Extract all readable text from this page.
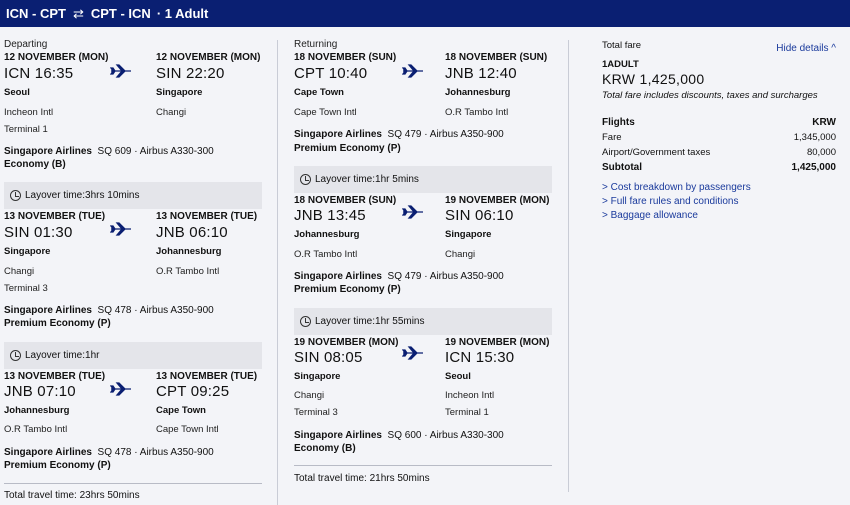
ICN - CPT ⇄ CPT - ICN · 1 Adult
Departing
12 NOVEMBER (MON)
ICN 16:35
12 NOVEMBER (MON)
SIN 22:20
Seoul	Singapore
Incheon Intl	Changi
Terminal 1
Singapore Airlines SQ 609 · Airbus A330-300
Economy (B)
Layover time:3hrs 10mins
13 NOVEMBER (TUE)
SIN 01:30
13 NOVEMBER (TUE)
JNB 06:10
Singapore	Johannesburg
Changi	O.R Tambo Intl
Terminal 3
Singapore Airlines SQ 478 · Airbus A350-900
Premium Economy (P)
Layover time:1hr
13 NOVEMBER (TUE)
JNB 07:10
13 NOVEMBER (TUE)
CPT 09:25
Johannesburg	Cape Town
O.R Tambo Intl	Cape Town Intl
Singapore Airlines SQ 478 · Airbus A350-900
Premium Economy (P)
Total travel time: 23hrs 50mins
Returning
18 NOVEMBER (SUN)
CPT 10:40
18 NOVEMBER (SUN)
JNB 12:40
Cape Town	Johannesburg
Cape Town Intl	O.R Tambo Intl
Singapore Airlines SQ 479 · Airbus A350-900
Premium Economy (P)
Layover time:1hr 5mins
18 NOVEMBER (SUN)
JNB 13:45
19 NOVEMBER (MON)
SIN 06:10
Johannesburg	Singapore
O.R Tambo Intl	Changi
Singapore Airlines SQ 479 · Airbus A350-900
Premium Economy (P)
Layover time:1hr 55mins
19 NOVEMBER (MON)
SIN 08:05
19 NOVEMBER (MON)
ICN 15:30
Singapore	Seoul
Changi	Incheon Intl
Terminal 3	Terminal 1
Singapore Airlines SQ 600 · Airbus A330-300
Economy (B)
Total travel time: 21hrs 50mins
Total fare	Hide details ^
1ADULT
KRW 1,425,000
Total fare includes discounts, taxes and surcharges
Flights	KRW
Fare	1,345,000
Airport/Government taxes	80,000
Subtotal	1,425,000
> Cost breakdown by passengers
> Full fare rules and conditions
> Baggage allowance
